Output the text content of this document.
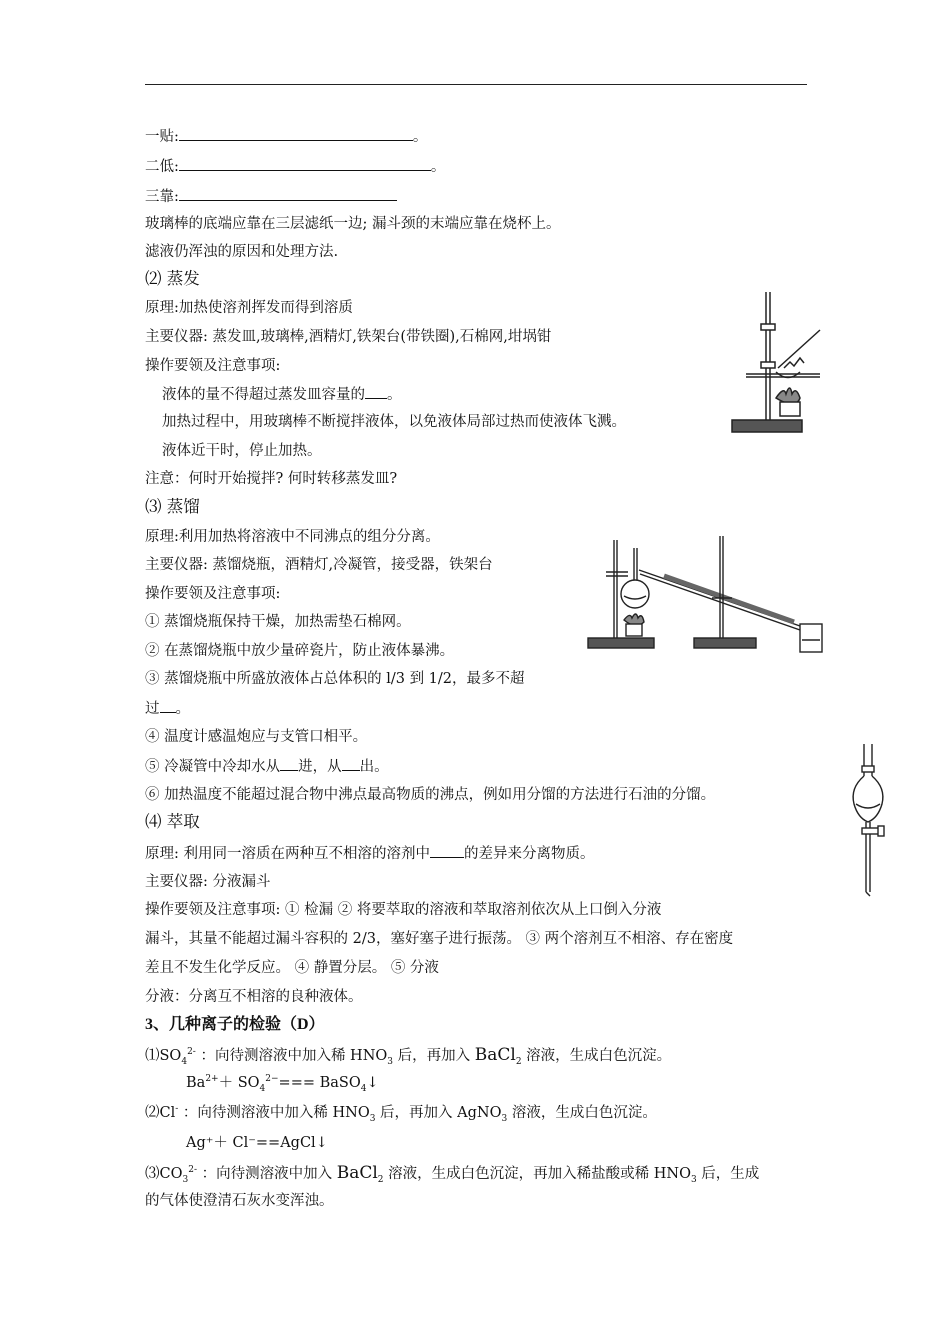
一贴:	。
二低:	。
三靠:
玻璃棒的底端应靠在三层滤纸一边; 漏斗颈的末端应靠在烧杯上。
滤液仍浑浊的原因和处理方法.
⑵ 蒸发
原理:加热使溶剂挥发而得到溶质
主要仪器: 蒸发皿,玻璃棒,酒精灯,铁架台(带铁圈),石棉网,坩埚钳
操作要领及注意事项:
液体的量不得超过蒸发皿容量的 。
加热过程中，用玻璃棒不断搅拌液体，以免液体局部过热而使液体飞溅。
液体近干时，停止加热。
注意：何时开始搅拌? 何时转移蒸发皿?
⑶ 蒸馏
原理:利用加热将溶液中不同沸点的组分分离。
主要仪器: 蒸馏烧瓶，酒精灯,冷凝管，接受器，铁架台
操作要领及注意事项:
① 蒸馏烧瓶保持干燥，加热需垫石棉网。
② 在蒸馏烧瓶中放少量碎瓷片，防止液体暴沸。
③ 蒸馏烧瓶中所盛放液体占总体积的 l/3 到 1/2，最多不超
过 。
④ 温度计感温炮应与支管口相平。
⑤ 冷凝管中冷却水从 进，从 出。
⑥ 加热温度不能超过混合物中沸点最高物质的沸点，例如用分馏的方法进行石油的分馏。
⑷ 萃取
原理: 利用同一溶质在两种互不相溶的溶剂中 的差异来分离物质。
主要仪器: 分液漏斗
操作要领及注意事项: ① 检漏 ② 将要萃取的溶液和萃取溶剂依次从上口倒入分液
漏斗，其量不能超过漏斗容积的 2/3，塞好塞子进行振荡。 ③ 两个溶剂互不相溶、存在密度
差且不发生化学反应。 ④ 静置分层。 ⑤ 分液
分液：分离互不相溶的良种液体。
3、几种离子的检验（D）
$⑴SO_4^{2-}$ ：向待测溶液中加入稀 $HNO_3$ 后，再加入 BaCl$_2$ 溶液，生成白色沉淀。
$Ba^{2+}+ SO_4^{2-}===$ BaSO$_4$↓
⑵Cl- ：向待测溶液中加入稀 $HNO_3$ 后，再加入 AgNO$_3$ 溶液，生成白色沉淀。
Ag⁺＋ Cl⁻==AgCl↓
$⑶CO_3^{2-}$ ：向待测溶液中加入 BaCl$_2$ 溶液，生成白色沉淀，再加入稀盐酸或稀 $HNO_3$ 后，生成
的气体使澄清石灰水变浑浊。
